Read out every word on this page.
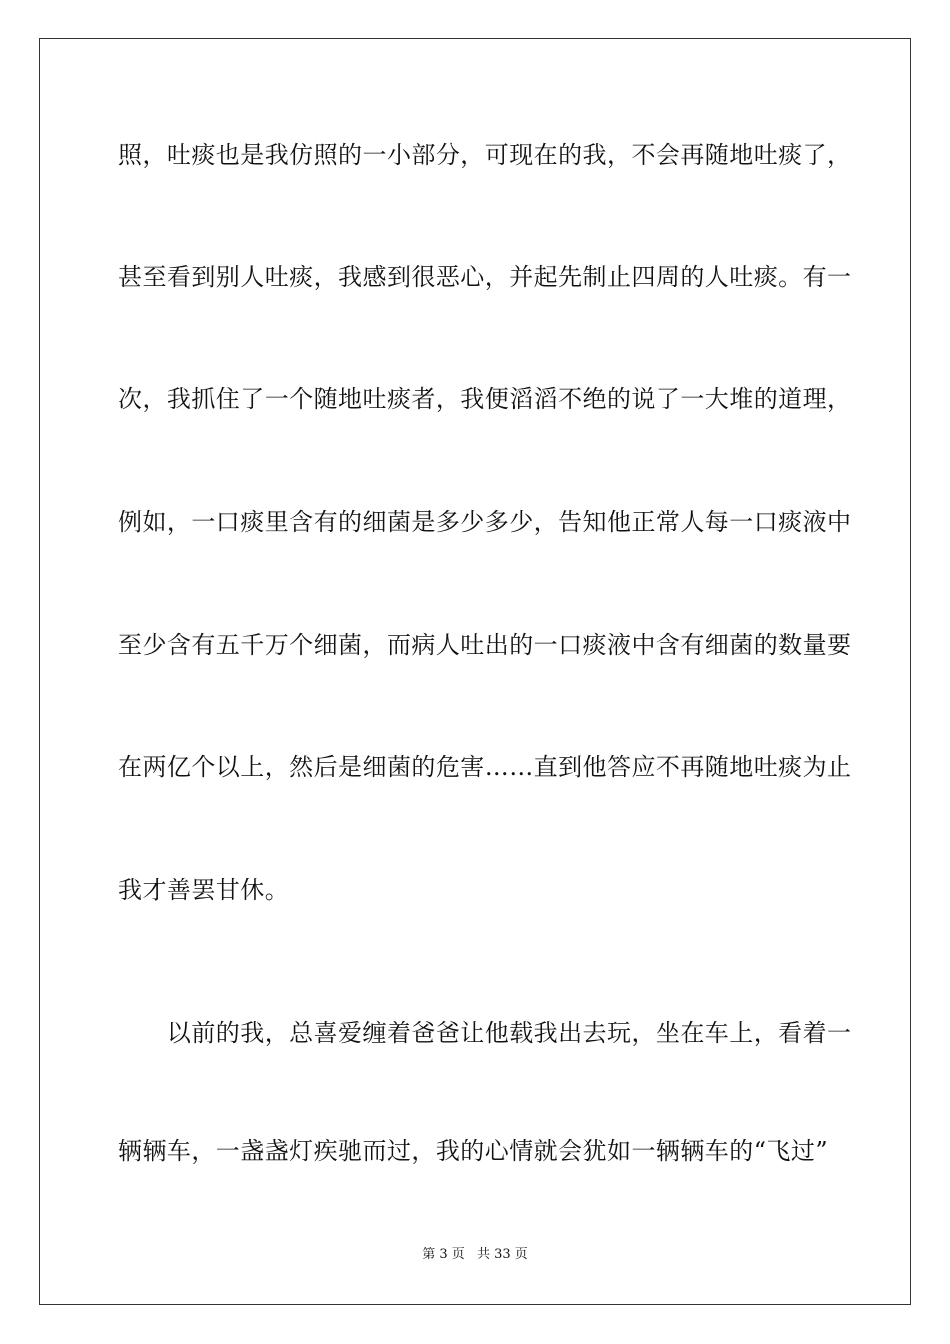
照，吐痰也是我仿照的一小部分，可现在的我，不会再随地吐痰了，
甚至看到别人吐痰，我感到很恶心，并起先制止四周的人吐痰。有一
次，我抓住了一个随地吐痰者，我便滔滔不绝的说了一大堆的道理，
例如，一口痰里含有的细菌是多少多少，告知他正常人每一口痰液中
至少含有五千万个细菌，而病人吐出的一口痰液中含有细菌的数量要
在两亿个以上，然后是细菌的危害……直到他答应不再随地吐痰为止
我才善罢甘休。
　　以前的我，总喜爱缠着爸爸让他载我出去玩，坐在车上，看着一
辆辆车，一盏盏灯疾驰而过，我的心情就会犹如一辆辆车的“飞过”
第 3 页 共 33 页
